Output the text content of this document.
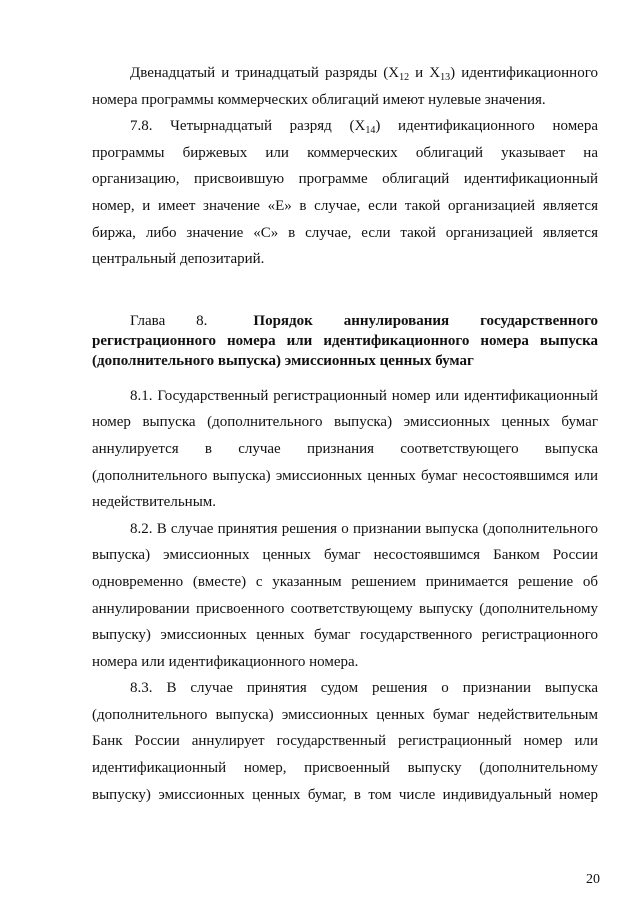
Двенадцатый и тринадцатый разряды ($X_{12}$ и $X_{13}$) идентификационного номера программы коммерческих облигаций имеют нулевые значения.

7.8. Четырнадцатый разряд $(X_{14})$ идентификационного номера программы биржевых или коммерческих облигаций указывает на организацию, присвоившую программе облигаций идентификационный номер, и имеет значение «Е» в случае, если такой организацией является биржа, либо значение «С» в случае, если такой организацией является центральный депозитарий.

Глава 8.  Порядок аннулирования государственного регистрационного номера или идентификационного номера выпуска (дополнительного выпуска) эмиссионных ценных бумаг

8.1. Государственный регистрационный номер или идентификационный номер выпуска (дополнительного выпуска) эмиссионных ценных бумаг аннулируется в случае признания соответствующего выпуска (дополнительного выпуска) эмиссионных ценных бумаг несостоявшимся или недействительным.

8.2. В случае принятия решения о признании выпуска (дополнительного выпуска) эмиссионных ценных бумаг несостоявшимся Банком России одновременно (вместе) с указанным решением принимается решение об аннулировании присвоенного соответствующему выпуску (дополнительному выпуску) эмиссионных ценных бумаг государственного регистрационного номера или идентификационного номера.

8.3. В случае принятия судом решения о признании выпуска (дополнительного выпуска) эмиссионных ценных бумаг недействительным Банк России аннулирует государственный регистрационный номер или идентификационный номер, присвоенный выпуску (дополнительному выпуску) эмиссионных ценных бумаг, в том числе индивидуальный номер

20
